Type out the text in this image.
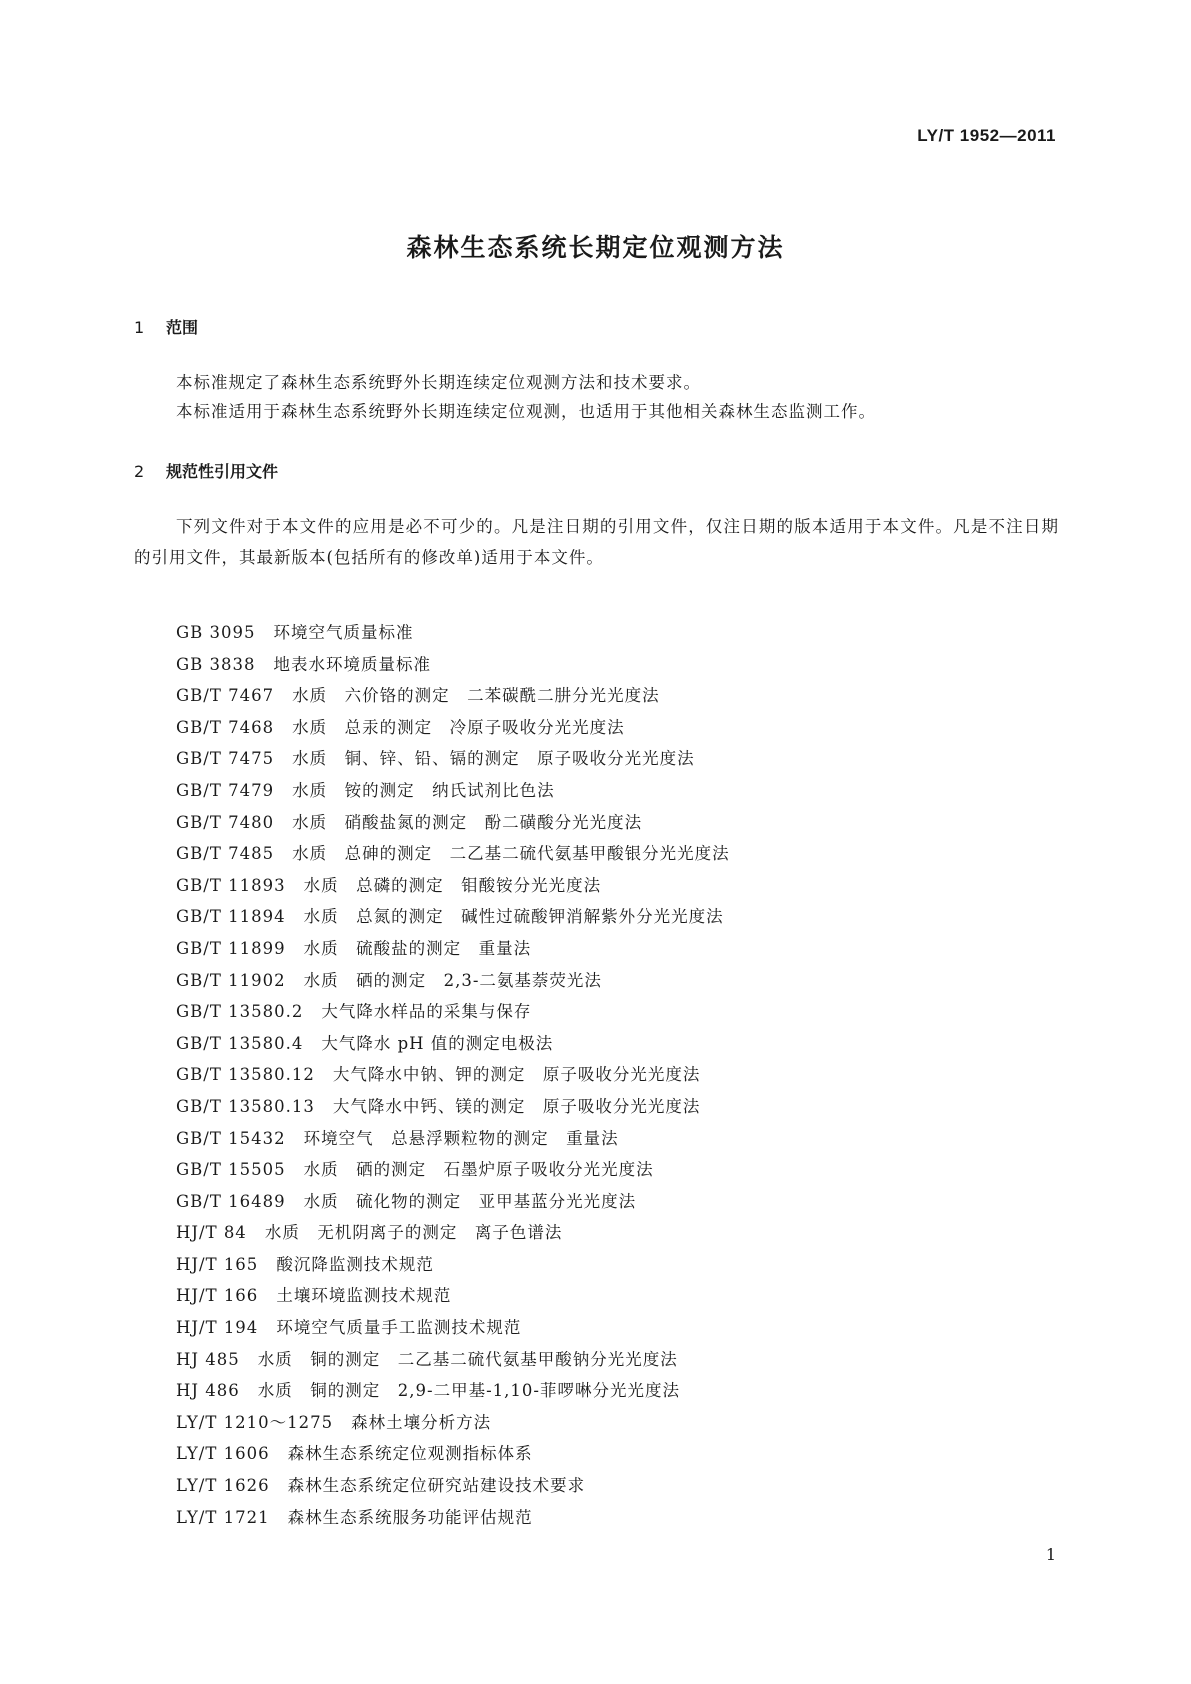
LY/T 1952—2011
森林生态系统长期定位观测方法
1 范围

本标准规定了森林生态系统野外长期连续定位观测方法和技术要求。

本标准适用于森林生态系统野外长期连续定位观测，也适用于其他相关森林生态监测工作。

2 规范性引用文件

下列文件对于本文件的应用是必不可少的。凡是注日期的引用文件，仅注日期的版本适用于本文件。凡是不注日期的引用文件，其最新版本(包括所有的修改单)适用于本文件。

GB 3095 环境空气质量标准
GB 3838 地表水环境质量标准
GB/T 7467 水质　六价铬的测定　二苯碳酰二肼分光光度法
GB/T 7468 水质　总汞的测定　冷原子吸收分光光度法
GB/T 7475 水质　铜、锌、铅、镉的测定　原子吸收分光光度法
GB/T 7479 水质　铵的测定　纳氏试剂比色法
GB/T 7480 水质　硝酸盐氮的测定　酚二磺酸分光光度法
GB/T 7485 水质　总砷的测定　二乙基二硫代氨基甲酸银分光光度法
GB/T 11893 水质　总磷的测定　钼酸铵分光光度法
GB/T 11894 水质　总氮的测定　碱性过硫酸钾消解紫外分光光度法
GB/T 11899 水质　硫酸盐的测定　重量法
GB/T 11902 水质　硒的测定　2,3-二氨基萘荧光法
GB/T 13580.2 大气降水样品的采集与保存
GB/T 13580.4 大气降水 pH 值的测定电极法
GB/T 13580.12 大气降水中钠、钾的测定　原子吸收分光光度法
GB/T 13580.13 大气降水中钙、镁的测定　原子吸收分光光度法
GB/T 15432 环境空气　总悬浮颗粒物的测定　重量法
GB/T 15505 水质　硒的测定　石墨炉原子吸收分光光度法
GB/T 16489 水质　硫化物的测定　亚甲基蓝分光光度法
HJ/T 84 水质　无机阴离子的测定　离子色谱法
HJ/T 165 酸沉降监测技术规范
HJ/T 166 土壤环境监测技术规范
HJ/T 194 环境空气质量手工监测技术规范
HJ 485 水质　铜的测定　二乙基二硫代氨基甲酸钠分光光度法
HJ 486 水质　铜的测定　2,9-二甲基-1,10-菲啰啉分光光度法
LY/T 1210～1275 森林土壤分析方法
LY/T 1606 森林生态系统定位观测指标体系
LY/T 1626 森林生态系统定位研究站建设技术要求
LY/T 1721 森林生态系统服务功能评估规范
1
